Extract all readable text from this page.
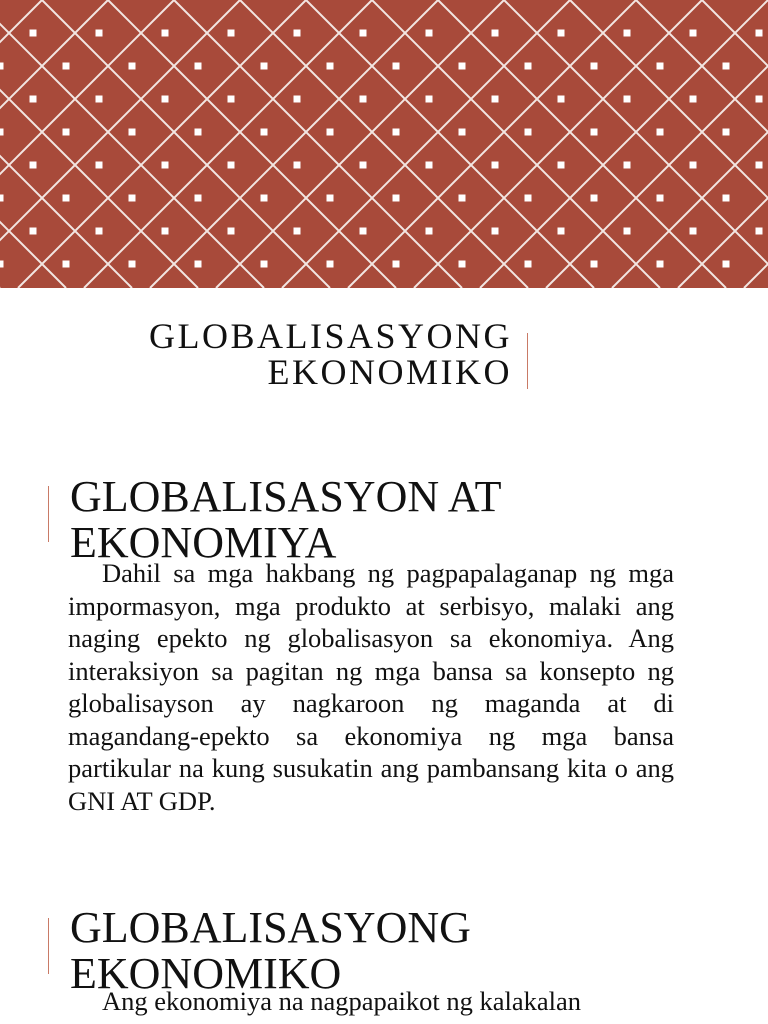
GLOBALISASYONG
EKONOMIKO
GLOBALISASYON AT
EKONOMIYA

Dahil sa mga hakbang ng pagpapalaganap ng mga impormasyon, mga produkto at serbisyo, malaki ang naging epekto ng globalisasyon sa ekonomiya. Ang interaksiyon sa pagitan ng mga bansa sa konsepto ng globalisayson ay nagkaroon ng maganda at di magandang-epekto sa ekonomiya ng mga bansa partikular na kung susukatin ang pambansang kita o ang GNI AT GDP.

GLOBALISASYONG
EKONOMIKO

Ang ekonomiya na nagpapaikot ng kalakalan
